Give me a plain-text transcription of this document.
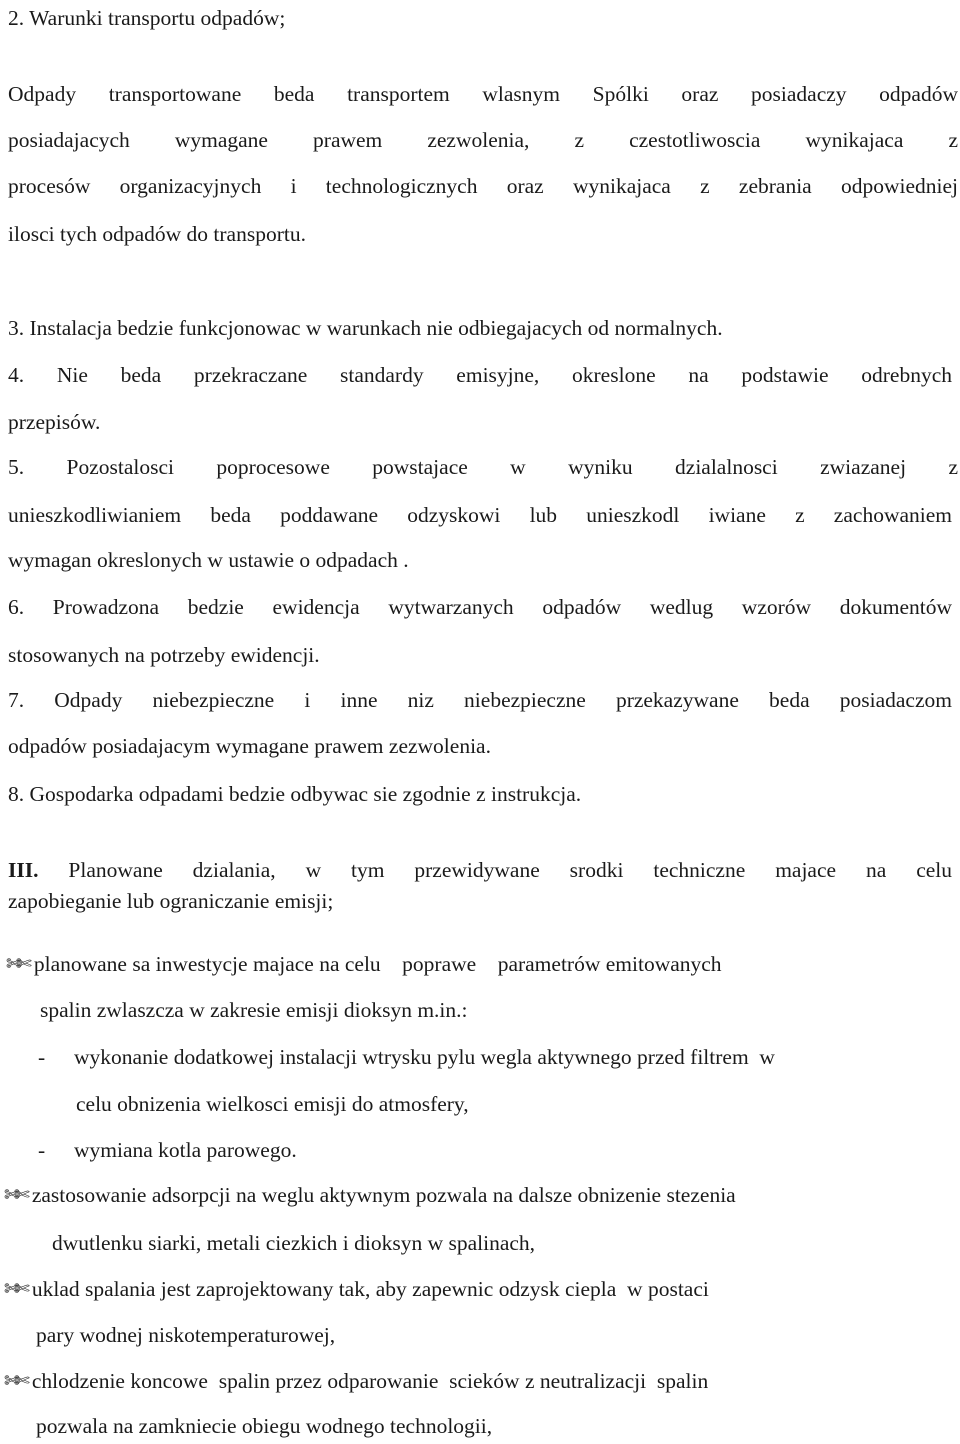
2. Warunki transportu odpadów;
Odpady transportowane beda transportem wlasnym Spólki oraz posiadaczy odpadów
posiadajacych wymagane prawem zezwolenia, z czestotliwoscia wynikajaca z
procesów organizacyjnych i technologicznych oraz wynikajaca z zebrania odpowiedniej
ilosci tych odpadów do transportu.
3. Instalacja bedzie funkcjonowac w warunkach nie odbiegajacych od normalnych.
4. Nie beda przekraczane standardy emisyjne, okreslone na podstawie odrebnych
przepisów.
5. Pozostalosci poprocesowe powstajace w wyniku dzialalnosci zwiazanej z
unieszkodliwianiem beda poddawane odzyskowi lub unieszkodl iwiane z zachowaniem
wymagan okreslonych w ustawie o odpadach .
6. Prowadzona bedzie ewidencja wytwarzanych odpadów wedlug wzorów dokumentów
stosowanych na potrzeby ewidencji.
7. Odpady niebezpieczne i inne niz niebezpieczne przekazywane beda posiadaczom
odpadów posiadajacym wymagane prawem zezwolenia.
8. Gospodarka odpadami bedzie odbywac sie zgodnie z instrukcja.
III. Planowane dzialania, w tym przewidywane srodki techniczne majace na celu
zapobieganie lub ograniczanie emisji;
✄✄ planowane sa inwestycje majace na celu    poprawe    parametrów emitowanych
spalin zwlaszcza w zakresie emisji dioksyn m.in.:
- wykonanie dodatkowej instalacji wtrysku pylu wegla aktywnego przed filtrem  w
celu obnizenia wielkosci emisji do atmosfery,
- wymiana kotla parowego.
✄✄ zastosowanie adsorpcji na weglu aktywnym pozwala na dalsze obnizenie stezenia
dwutlenku siarki, metali ciezkich i dioksyn w spalinach,
✄✄ uklad spalania jest zaprojektowany tak, aby zapewnic odzysk ciepla  w postaci
pary wodnej niskotemperaturowej,
✄✄ chlodzenie koncowe  spalin przez odparowanie  scieków z neutralizacji  spalin
pozwala na zamkniecie obiegu wodnego technologii,
